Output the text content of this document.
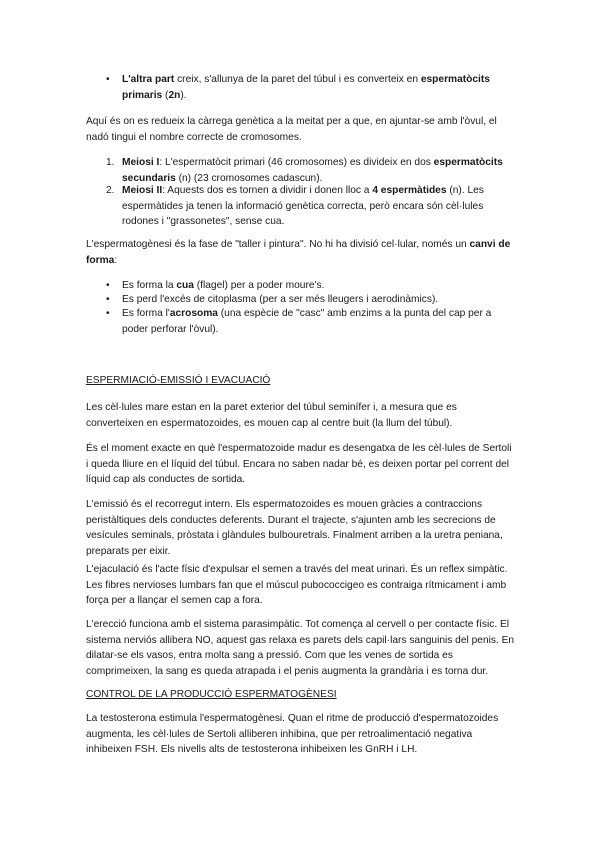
•	L'altra part creix, s'allunya de la paret del túbul i es converteix en espermatòcits primaris (2n).

Aquí és on es redueix la càrrega genètica a la meitat per a que, en ajuntar-se amb l'òvul, el nadó tingui el nombre correcte de cromosomes.

1. Meiosi I: L'espermatòcit primari (46 cromosomes) es divideix en dos espermatòcits secundaris (n) (23 cromosomes cadascun).
2. Meiosi II: Aquests dos es tornen a dividir i donen lloc a 4 espermàtides (n). Les espermàtides ja tenen la informació genètica correcta, però encara són cèl·lules rodones i "grassonetes", sense cua.

L'espermatogènesi és la fase de "taller i pintura". No hi ha divisió cel·lular, només un canvi de forma:

•	Es forma la cua (flagel) per a poder moure's.
•	Es perd l'excés de citoplasma (per a ser més lleugers i aerodinàmics).
•	Es forma l'acrosoma (una espècie de "casc" amb enzims a la punta del cap per a poder perforar l'òvul).
ESPERMIACIÓ-EMISSIÓ I EVACUACIÓ

Les cèl·lules mare estan en la paret exterior del túbul seminífer i, a mesura que es converteixen en espermatozoides, es mouen cap al centre buit (la llum del túbul).

És el moment exacte en què l'espermatozoide madur es desengatxa de les cèl·lules de Sertoli i queda lliure en el líquid del túbul. Encara no saben nadar bé, es deixen portar pel corrent del líquid cap als conductes de sortida.

L'emissió és el recorregut intern. Els espermatozoides es mouen gràcies a contraccions peristàltiques dels conductes deferents. Durant el trajecte, s'ajunten amb les secrecions de vesícules seminals, pròstata i glàndules bulbouretrals. Finalment arriben a la uretra peniana, preparats per eixir.

L'ejaculació és l'acte físic d'expulsar el semen a través del meat urinari. És un reflex simpàtic. Les fibres nervioses lumbars fan que el múscul pubococcigeo es contraiga rítmicament i amb força per a llançar el semen cap a fora.

L'erecció funciona amb el sistema parasimpàtic. Tot comença al cervell o per contacte físic. El sistema nerviós allibera NO, aquest gas relaxa es parets dels capil·lars sanguinis del penis. En dilatar-se els vasos, entra molta sang a pressió. Com que les venes de sortida es comprimeixen, la sang es queda atrapada i el penis augmenta la grandària i es torna dur.

CONTROL DE LA PRODUCCIÓ ESPERMATOGÈNESI

La testosterona estimula l'espermatogènesi. Quan el ritme de producció d'espermatozoides augmenta, les cèl·lules de Sertoli alliberen inhibina, que per retroalimentació negativa inhibeixen FSH. Els nivells alts de testosterona inhibeixen les GnRH i LH.
